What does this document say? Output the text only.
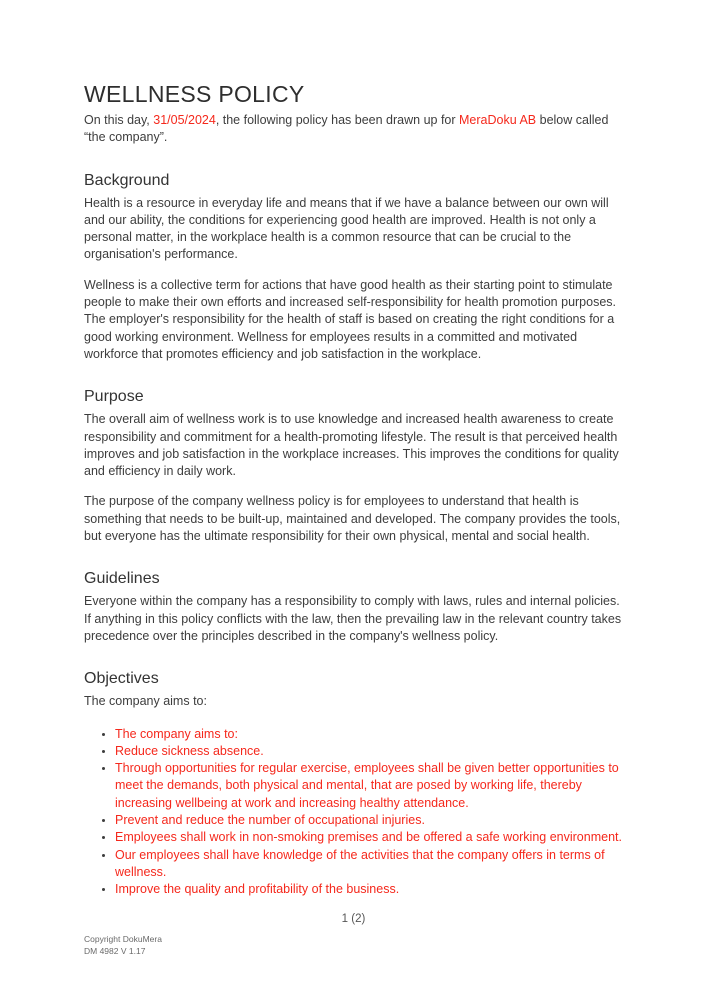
WELLNESS POLICY

On this day, 31/05/2024, the following policy has been drawn up for MeraDoku AB below called “the company”.

Background

Health is a resource in everyday life and means that if we have a balance between our own will and our ability, the conditions for experiencing good health are improved. Health is not only a personal matter, in the workplace health is a common resource that can be crucial to the organisation's performance.

Wellness is a collective term for actions that have good health as their starting point to stimulate people to make their own efforts and increased self-responsibility for health promotion purposes. The employer's responsibility for the health of staff is based on creating the right conditions for a good working environment. Wellness for employees results in a committed and motivated workforce that promotes efficiency and job satisfaction in the workplace.

Purpose

The overall aim of wellness work is to use knowledge and increased health awareness to create responsibility and commitment for a health-promoting lifestyle. The result is that perceived health improves and job satisfaction in the workplace increases. This improves the conditions for quality and efficiency in daily work.

The purpose of the company wellness policy is for employees to understand that health is something that needs to be built-up, maintained and developed. The company provides the tools, but everyone has the ultimate responsibility for their own physical, mental and social health.

Guidelines

Everyone within the company has a responsibility to comply with laws, rules and internal policies. If anything in this policy conflicts with the law, then the prevailing law in the relevant country takes precedence over the principles described in the company's wellness policy.

Objectives

The company aims to:

• The company aims to:
• Reduce sickness absence.
• Through opportunities for regular exercise, employees shall be given better opportunities to meet the demands, both physical and mental, that are posed by working life, thereby increasing wellbeing at work and increasing healthy attendance.
• Prevent and reduce the number of occupational injuries.
• Employees shall work in non-smoking premises and be offered a safe working environment.
• Our employees shall have knowledge of the activities that the company offers in terms of wellness.
• Improve the quality and profitability of the business.
1 (2)
Copyright DokuMera
DM 4982 V 1.17
